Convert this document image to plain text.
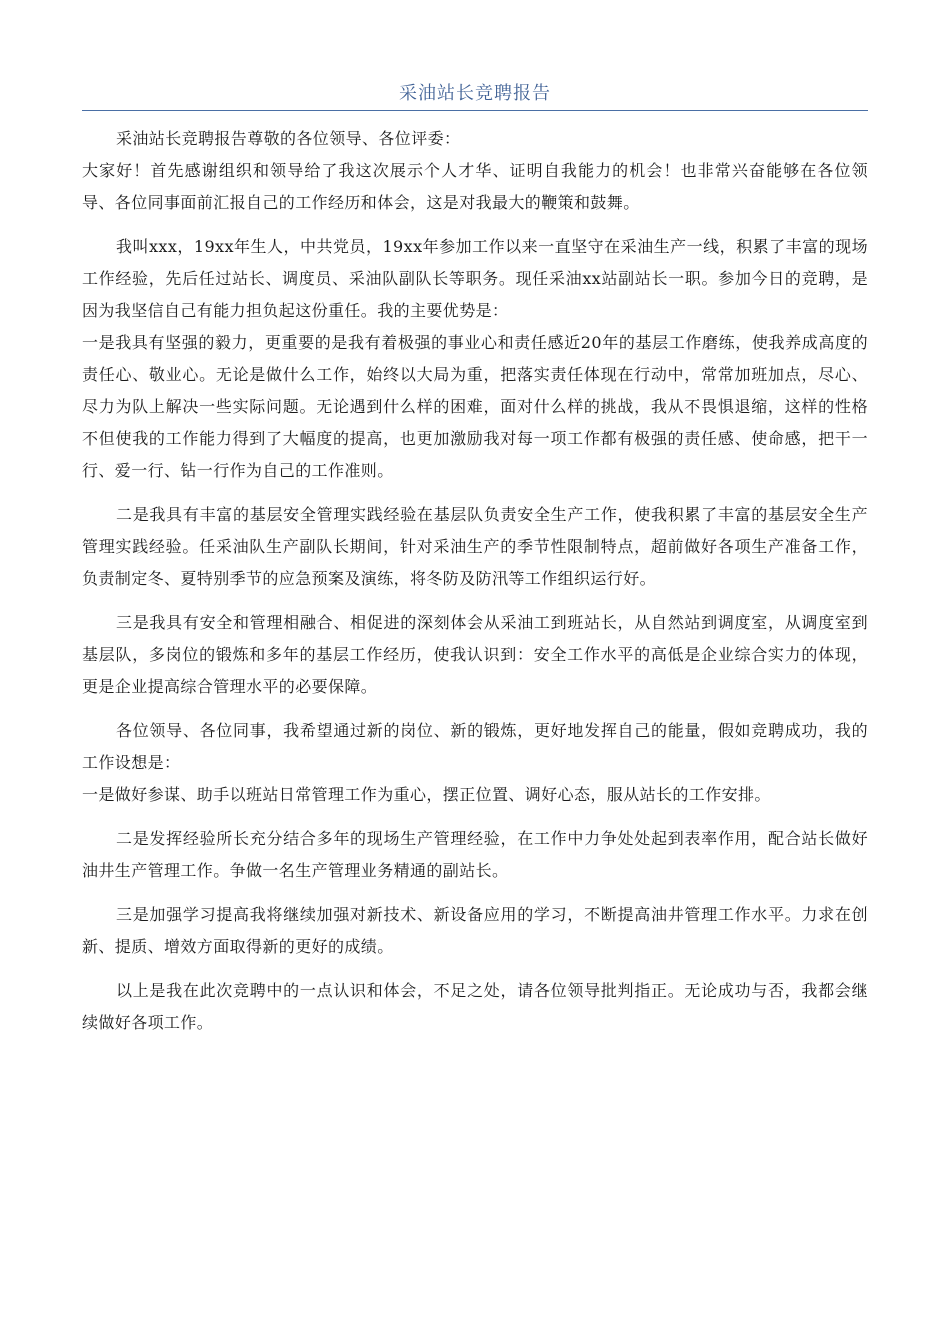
采油站长竞聘报告

采油站长竞聘报告尊敬的各位领导、各位评委：

大家好！首先感谢组织和领导给了我这次展示个人才华、证明自我能力的机会！也非常兴奋能够在各位领导、各位同事面前汇报自己的工作经历和体会，这是对我最大的鞭策和鼓舞。

我叫xxx，19xx年生人，中共党员，19xx年参加工作以来一直坚守在采油生产一线，积累了丰富的现场工作经验，先后任过站长、调度员、采油队副队长等职务。现任采油xx站副站长一职。参加今日的竞聘，是因为我坚信自己有能力担负起这份重任。我的主要优势是：

一是我具有坚强的毅力，更重要的是我有着极强的事业心和责任感近20年的基层工作磨练，使我养成高度的责任心、敬业心。无论是做什么工作，始终以大局为重，把落实责任体现在行动中，常常加班加点，尽心、尽力为队上解决一些实际问题。无论遇到什么样的困难，面对什么样的挑战，我从不畏惧退缩，这样的性格不但使我的工作能力得到了大幅度的提高，也更加激励我对每一项工作都有极强的责任感、使命感，把干一行、爱一行、钻一行作为自己的工作准则。

二是我具有丰富的基层安全管理实践经验在基层队负责安全生产工作，使我积累了丰富的基层安全生产管理实践经验。任采油队生产副队长期间，针对采油生产的季节性限制特点，超前做好各项生产准备工作，负责制定冬、夏特别季节的应急预案及演练，将冬防及防汛等工作组织运行好。

三是我具有安全和管理相融合、相促进的深刻体会从采油工到班站长，从自然站到调度室，从调度室到基层队，多岗位的锻炼和多年的基层工作经历，使我认识到：安全工作水平的高低是企业综合实力的体现，更是企业提高综合管理水平的必要保障。

各位领导、各位同事，我希望通过新的岗位、新的锻炼，更好地发挥自己的能量，假如竞聘成功，我的工作设想是：

一是做好参谋、助手以班站日常管理工作为重心，摆正位置、调好心态，服从站长的工作安排。

二是发挥经验所长充分结合多年的现场生产管理经验，在工作中力争处处起到表率作用，配合站长做好油井生产管理工作。争做一名生产管理业务精通的副站长。

三是加强学习提高我将继续加强对新技术、新设备应用的学习，不断提高油井管理工作水平。力求在创新、提质、增效方面取得新的更好的成绩。

以上是我在此次竞聘中的一点认识和体会，不足之处，请各位领导批判指正。无论成功与否，我都会继续做好各项工作。
